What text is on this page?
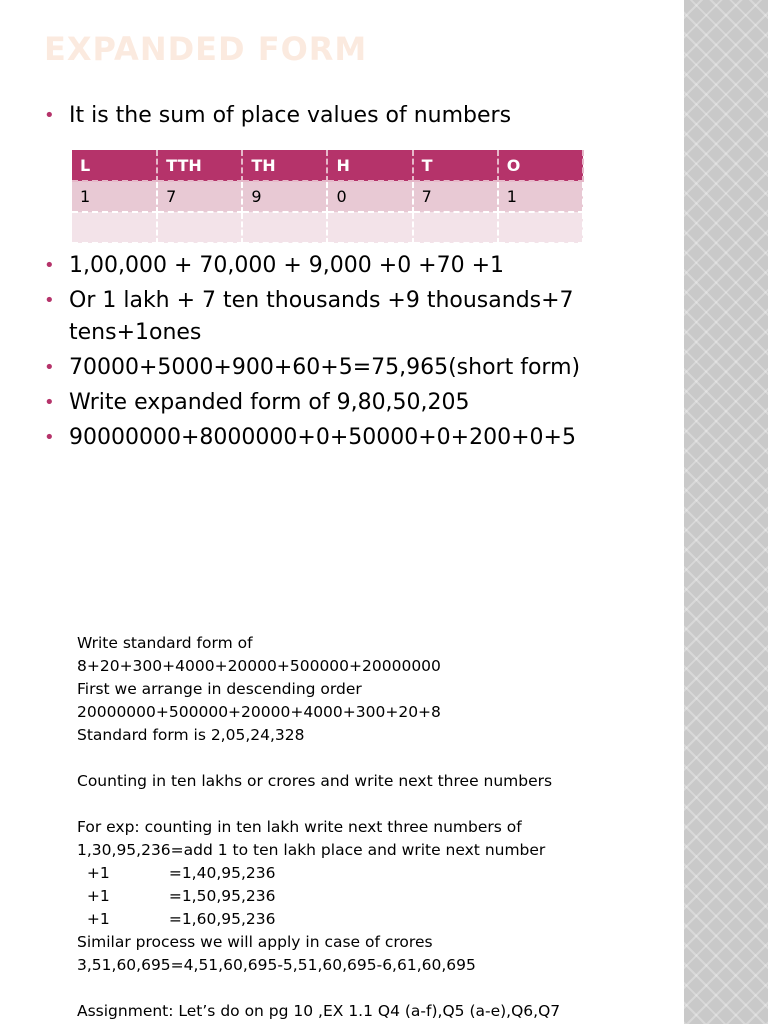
EXPANDED FORM
• It is the sum of place values of numbers
L	TTH	TH	H	T	O
1	7	9	0	7	1

• 1,00,000 + 70,000 + 9,000 +0 +70 +1
• Or 1 lakh + 7 ten thousands +9 thousands+7 tens+1ones
• 70000+5000+900+60+5=75,965(short form)
• Write expanded form of 9,80,50,205
• 90000000+8000000+0+50000+0+200+0+5
Write standard form of
8+20+300+4000+20000+500000+20000000
First we arrange in descending order
20000000+500000+20000+4000+300+20+8
Standard form is 2,05,24,328
Counting in ten lakhs or crores and write next three numbers
For exp: counting in ten lakh write next three numbers of
1,30,95,236=add 1 to ten lakh place and write next number
+1            =1,40,95,236
+1            =1,50,95,236
+1            =1,60,95,236
Similar process we will apply in case of crores
3,51,60,695=4,51,60,695-5,51,60,695-6,61,60,695
Assignment: Let’s do on pg 10 ,EX 1.1 Q4 (a-f),Q5 (a-e),Q6,Q7
